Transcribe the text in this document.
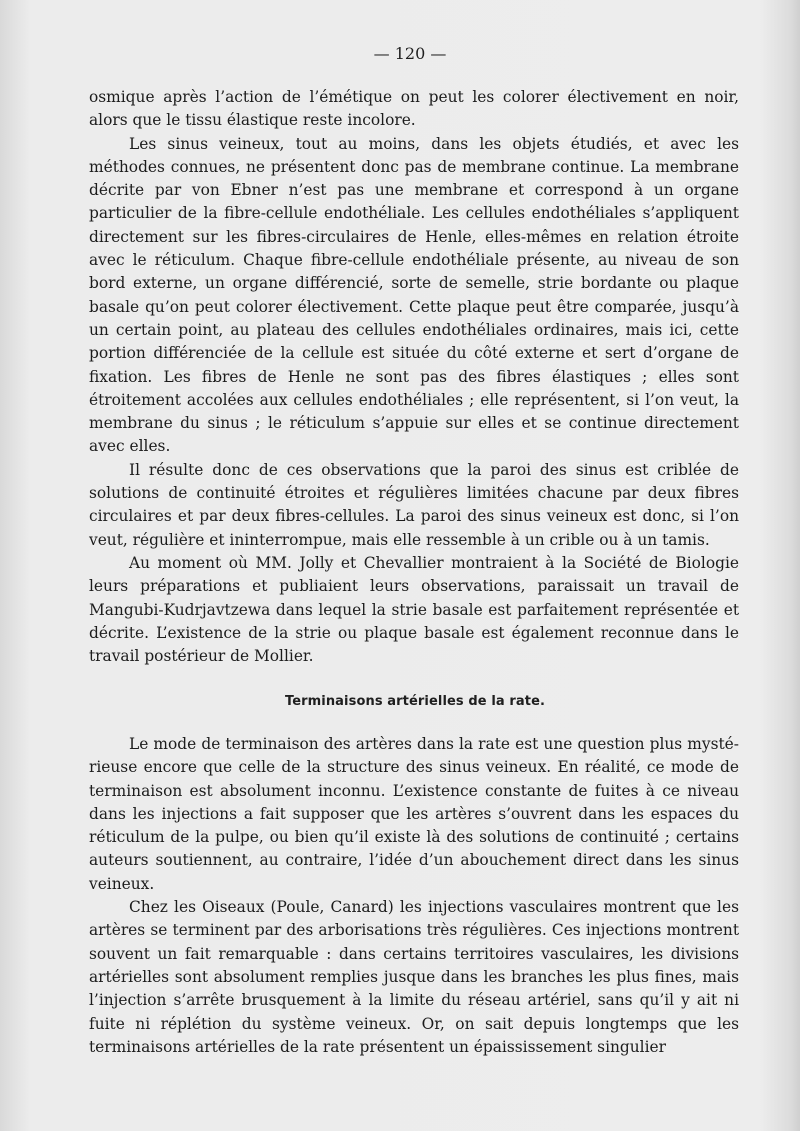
— 120 —

osmique après l’action de l’émétique on peut les colorer électivement en noir, alors que le tissu élastique reste incolore.

Les sinus veineux, tout au moins, dans les objets étudiés, et avec les méthodes connues, ne présentent donc pas de membrane continue. La membrane décrite par von Ebner n’est pas une membrane et correspond à un organe particulier de la fibre-cellule endothéliale. Les cellules endothéliales s’appliquent directement sur les fibres-circulaires de Henle, elles-mêmes en relation étroite avec le réticulum. Chaque fibre-cellule endothéliale présente, au niveau de son bord externe, un organe différencié, sorte de semelle, strie bordante ou plaque basale qu’on peut colorer électivement. Cette plaque peut être comparée, jusqu’à un certain point, au plateau des cellules endothéliales ordinaires, mais ici, cette portion différenciée de la cellule est située du côté externe et sert d’organe de fixation. Les fibres de Henle ne sont pas des fibres élastiques ; elles sont étroitement accolées aux cellules endothéliales ; elle représentent, si l’on veut, la membrane du sinus ; le réticulum s’appuie sur elles et se continue directement avec elles.

Il résulte donc de ces observations que la paroi des sinus est criblée de solutions de continuité étroites et régulières limitées chacune par deux fibres circulaires et par deux fibres-cellules. La paroi des sinus veineux est donc, si l’on veut, régulière et ininterrompue, mais elle ressemble à un crible ou à un tamis.

Au moment où MM. Jolly et Chevallier montraient à la Société de Biologie leurs préparations et publiaient leurs observations, paraissait un travail de Mangubi-Kudrjavtzewa dans lequel la strie basale est parfaitement représentée et décrite. L’existence de la strie ou plaque basale est également reconnue dans le travail postérieur de Mollier.

Terminaisons artérielles de la rate.

Le mode de terminaison des artères dans la rate est une question plus mystérieuse encore que celle de la structure des sinus veineux. En réalité, ce mode de terminaison est absolument inconnu. L’existence constante de fuites à ce niveau dans les injections a fait supposer que les artères s’ouvrent dans les espaces du réticulum de la pulpe, ou bien qu’il existe là des solutions de continuité ; certains auteurs soutiennent, au contraire, l’idée d’un abouchement direct dans les sinus veineux.

Chez les Oiseaux (Poule, Canard) les injections vasculaires montrent que les artères se terminent par des arborisations très régulières. Ces injections montrent souvent un fait remarquable : dans certains territoires vasculaires, les divisions artérielles sont absolument remplies jusque dans les branches les plus fines, mais l’injection s’arrête brusquement à la limite du réseau artériel, sans qu’il y ait ni fuite ni réplétion du système veineux. Or, on sait depuis longtemps que les terminaisons artérielles de la rate présentent un épaississement singulier
